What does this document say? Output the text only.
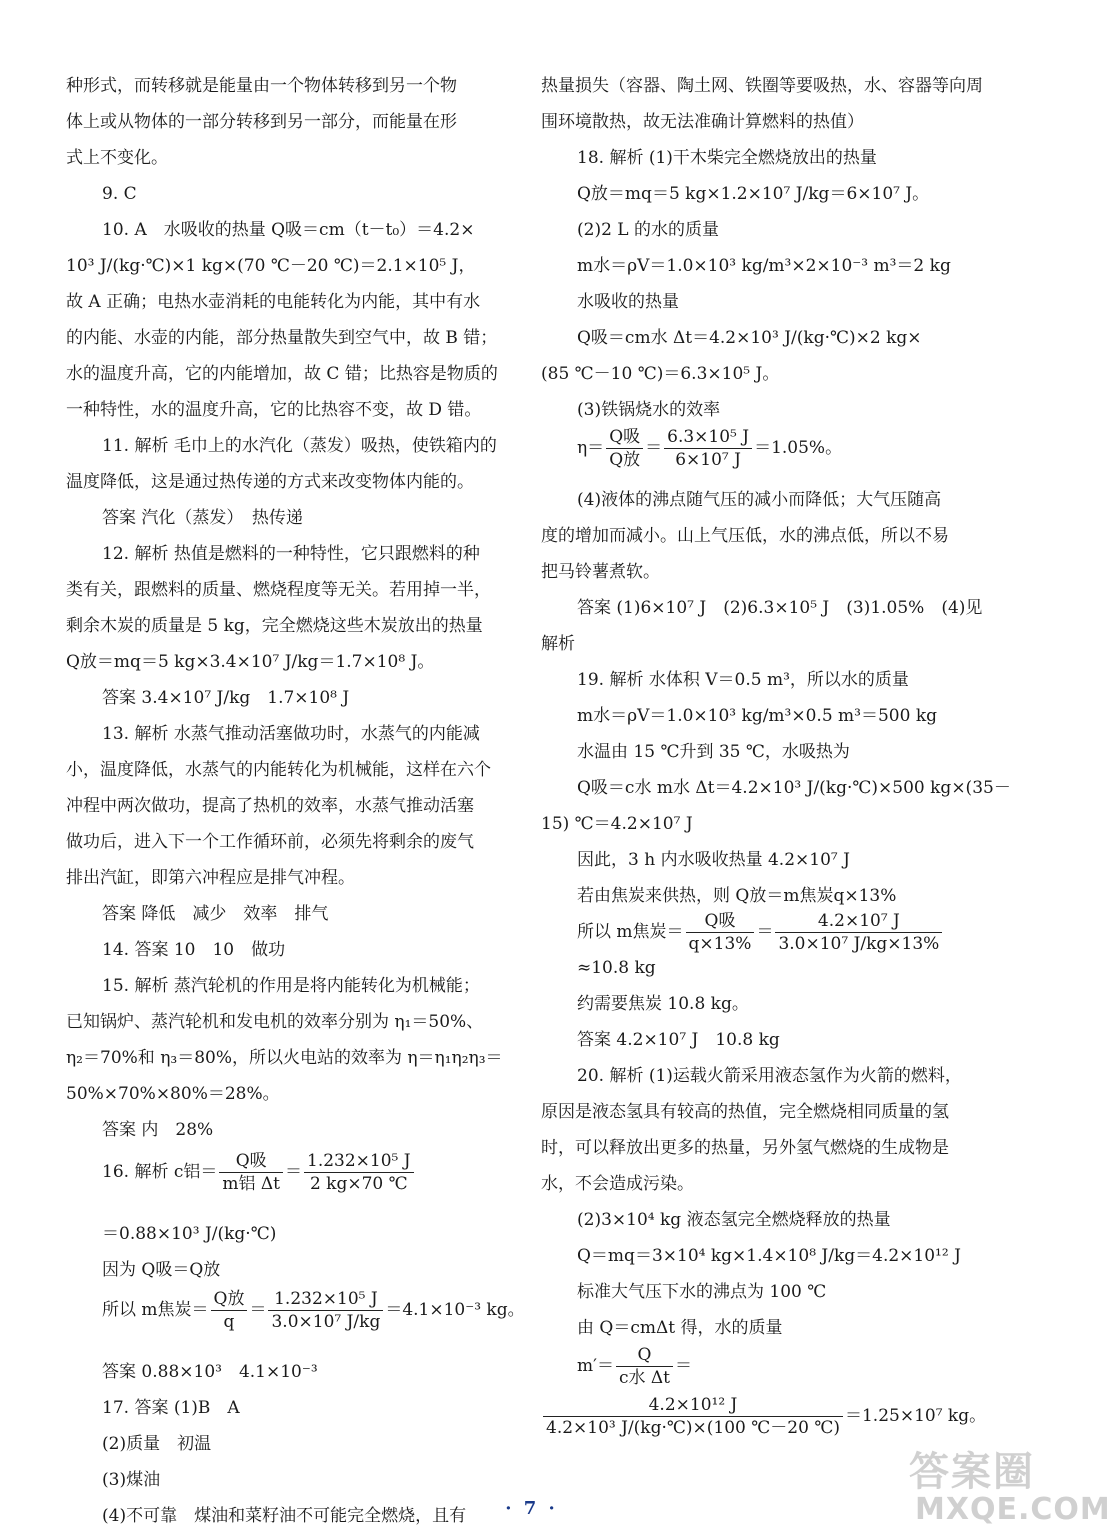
种形式，而转移就是能量由一个物体转移到另一个物
体上或从物体的一部分转移到另一部分，而能量在形
式上不变化。
9. C
10. A　水吸收的热量 Q吸＝cm（t－t₀）＝4.2×
10³ J/(kg·℃)×1 kg×(70 ℃－20 ℃)＝2.1×10⁵ J，
故 A 正确；电热水壶消耗的电能转化为内能，其中有水
的内能、水壶的内能，部分热量散失到空气中，故 B 错；
水的温度升高，它的内能增加，故 C 错；比热容是物质的
一种特性，水的温度升高，它的比热容不变，故 D 错。
11. 解析 毛巾上的水汽化（蒸发）吸热，使铁箱内的
温度降低，这是通过热传递的方式来改变物体内能的。
答案 汽化（蒸发）　热传递
12. 解析 热值是燃料的一种特性，它只跟燃料的种
类有关，跟燃料的质量、燃烧程度等无关。若用掉一半，
剩余木炭的质量是 5 kg，完全燃烧这些木炭放出的热量
Q放＝mq＝5 kg×3.4×10⁷ J/kg＝1.7×10⁸ J。
答案 3.4×10⁷ J/kg　1.7×10⁸ J
13. 解析 水蒸气推动活塞做功时，水蒸气的内能减
小，温度降低，水蒸气的内能转化为机械能，这样在六个
冲程中两次做功，提高了热机的效率，水蒸气推动活塞
做功后，进入下一个工作循环前，必须先将剩余的废气
排出汽缸，即第六冲程应是排气冲程。
答案 降低　减少　效率　排气
14. 答案 10　10　做功
15. 解析 蒸汽轮机的作用是将内能转化为机械能；
已知锅炉、蒸汽轮机和发电机的效率分别为 η₁＝50%、
η₂＝70%和 η₃＝80%，所以火电站的效率为 η＝η₁η₂η₃＝
50%×70%×80%＝28%。
答案 内　28%
＝0.88×10³ J/(kg·℃)
因为 Q吸＝Q放
答案 0.88×10³　4.1×10⁻³
17. 答案 (1)B　A
(2)质量　初温
(3)煤油
(4)不可靠　煤油和菜籽油不可能完全燃烧，且有
16. 解析 c铝＝ $\frac{\text{Q吸}}{\text{m铝 Δt}} = \frac{\text{1.232×10⁵ J}}{2 kg\times 70 ℃}$
所以 m焦炭＝ $\frac{\text{Q放}}{q} = \frac{\text{1.232×10⁵ J}}{\text{3.0×10⁷ J/kg}} =4.1\times 10^{-3}$ kg。
热量损失（容器、陶土网、铁圈等要吸热，水、容器等向周
围环境散热，故无法准确计算燃料的热值）
18. 解析 (1)干木柴完全燃烧放出的热量
Q放＝mq＝5 kg×1.2×10⁷ J/kg＝6×10⁷ J。
(2)2 L 的水的质量
m水＝ρV＝1.0×10³ kg/m³×2×10⁻³ m³＝2 kg
水吸收的热量
Q吸＝cm水 Δt＝4.2×10³ J/(kg·℃)×2 kg×
(85 ℃－10 ℃)＝6.3×10⁵ J。
(3)铁锅烧水的效率
(4)液体的沸点随气压的减小而降低；大气压随高
度的增加而减小。山上气压低，水的沸点低，所以不易
把马铃薯煮软。
答案 (1)6×10⁷ J　(2)6.3×10⁵ J　(3)1.05%　(4)见
解析
19. 解析 水体积 V＝0.5 m³，所以水的质量
m水＝ρV＝1.0×10³ kg/m³×0.5 m³＝500 kg
水温由 15 ℃升到 35 ℃，水吸热为
Q吸＝c水 m水 Δt＝4.2×10³ J/(kg·℃)×500 kg×(35－
15) ℃＝4.2×10⁷ J
因此，3 h 内水吸收热量 4.2×10⁷ J
若由焦炭来供热，则 Q放＝m焦炭q×13%
≈10.8 kg
约需要焦炭 10.8 kg。
答案 4.2×10⁷ J　10.8 kg
20. 解析 (1)运载火箭采用液态氢作为火箭的燃料，
原因是液态氢具有较高的热值，完全燃烧相同质量的氢
时，可以释放出更多的热量，另外氢气燃烧的生成物是
水，不会造成污染。
(2)3×10⁴ kg 液态氢完全燃烧释放的热量
Q＝mq＝3×10⁴ kg×1.4×10⁸ J/kg＝4.2×10¹² J
标准大气压下水的沸点为 100 ℃
由 Q＝cmΔt 得，水的质量
$\eta= \frac{\text{Q吸}}{\text{Q放}} = \frac{\text{6.3×10⁵ J}}{\text{6×10⁷ J}} =1.05\%$。
所以 m焦炭＝ $\frac{\text{Q吸}}{q\times 13\%} = \frac{\text{4.2×10⁷ J}}{\text{3.0×10⁷ J/kg×13\%}}$
$m'= \frac{Q}{\text{c水 Δt}}$ ＝
$\frac{\text{4.2×10¹² J}}{\text{4.2×10³ J/(kg·℃)×(100 ℃－20 ℃)}} =1.25\times 10^7$ kg。
· 7 ·
答案圈
MXQE.COM
